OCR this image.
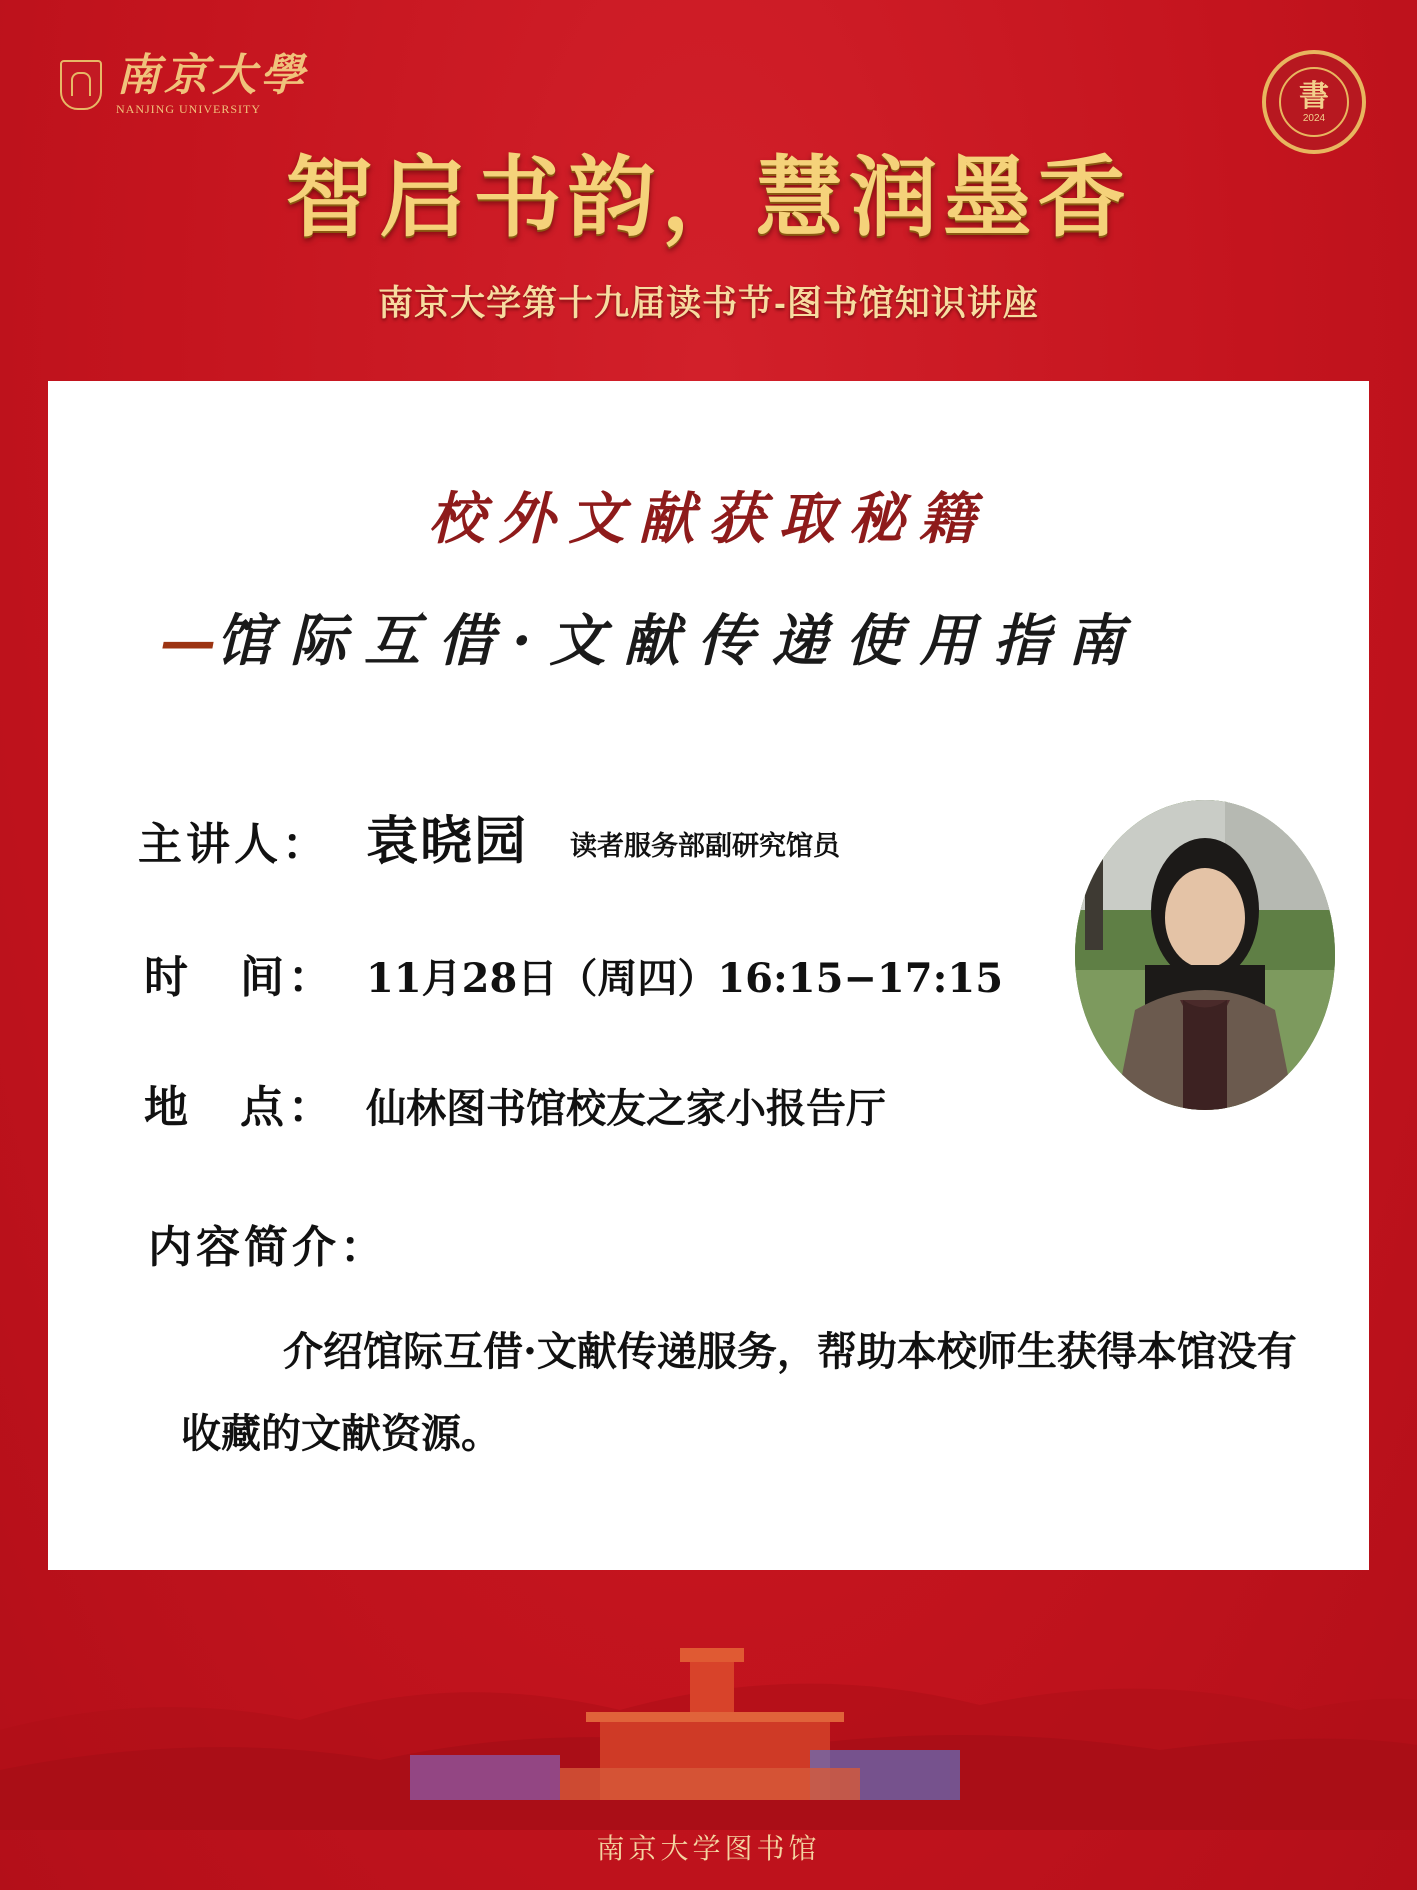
南京大學
NANJING UNIVERSITY	書
2024
智启书韵，慧润墨香
南京大学第十九届读书节-图书馆知识讲座
校外文献获取秘籍
—馆际互借·文献传递使用指南
主讲人： 袁晓园 读者服务部副研究馆员
时　间： 11月28日（周四）16:15−17:15
地　点： 仙林图书馆校友之家小报告厅
内容简介：
介绍馆际互借·文献传递服务，帮助本校师生获得本馆没有收藏的文献资源。
南京大学图书馆
